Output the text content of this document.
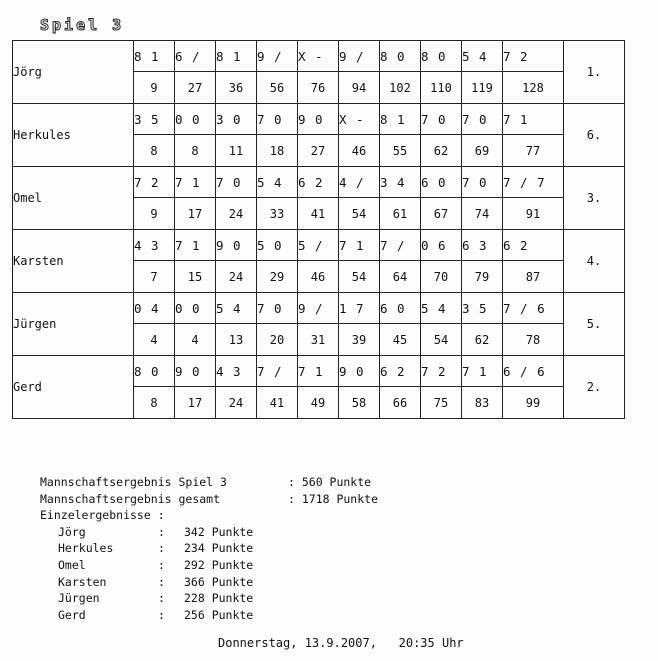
Spiel 3
Jörg	8 1	6 /	8 1	9 /	X -	9 /	8 0	8 0	5 4	7 2	1.
	9	27	36	56	76	94	102	110	119	128	
Herkules	3 5	0 0	3 0	7 0	9 0	X -	8 1	7 0	7 0	7 1	6.
	8	8	11	18	27	46	55	62	69	77	
Omel	7 2	7 1	7 0	5 4	6 2	4 /	3 4	6 0	7 0	7 / 7	3.
	9	17	24	33	41	54	61	67	74	91	
Karsten	4 3	7 1	9 0	5 0	5 /	7 1	7 /	0 6	6 3	6 2	4.
	7	15	24	29	46	54	64	70	79	87	
Jürgen	0 4	0 0	5 4	7 0	9 /	1 7	6 0	5 4	3 5	7 / 6	5.
	4	4	13	20	31	39	45	54	62	78	
Gerd	8 0	9 0	4 3	7 /	7 1	9 0	6 2	7 2	7 1	6 / 6	2.
	8	17	24	41	49	58	66	75	83	99	
Mannschaftsergebnis Spiel 3	: 560 Punkte
Mannschaftsergebnis gesamt	: 1718 Punkte
Einzelergebnisse :
Jörg	:	342 Punkte
Herkules	:	234 Punkte
Omel	:	292 Punkte
Karsten	:	366 Punkte
Jürgen	:	228 Punkte
Gerd	:	256 Punkte
Donnerstag, 13.9.2007,   20:35 Uhr
